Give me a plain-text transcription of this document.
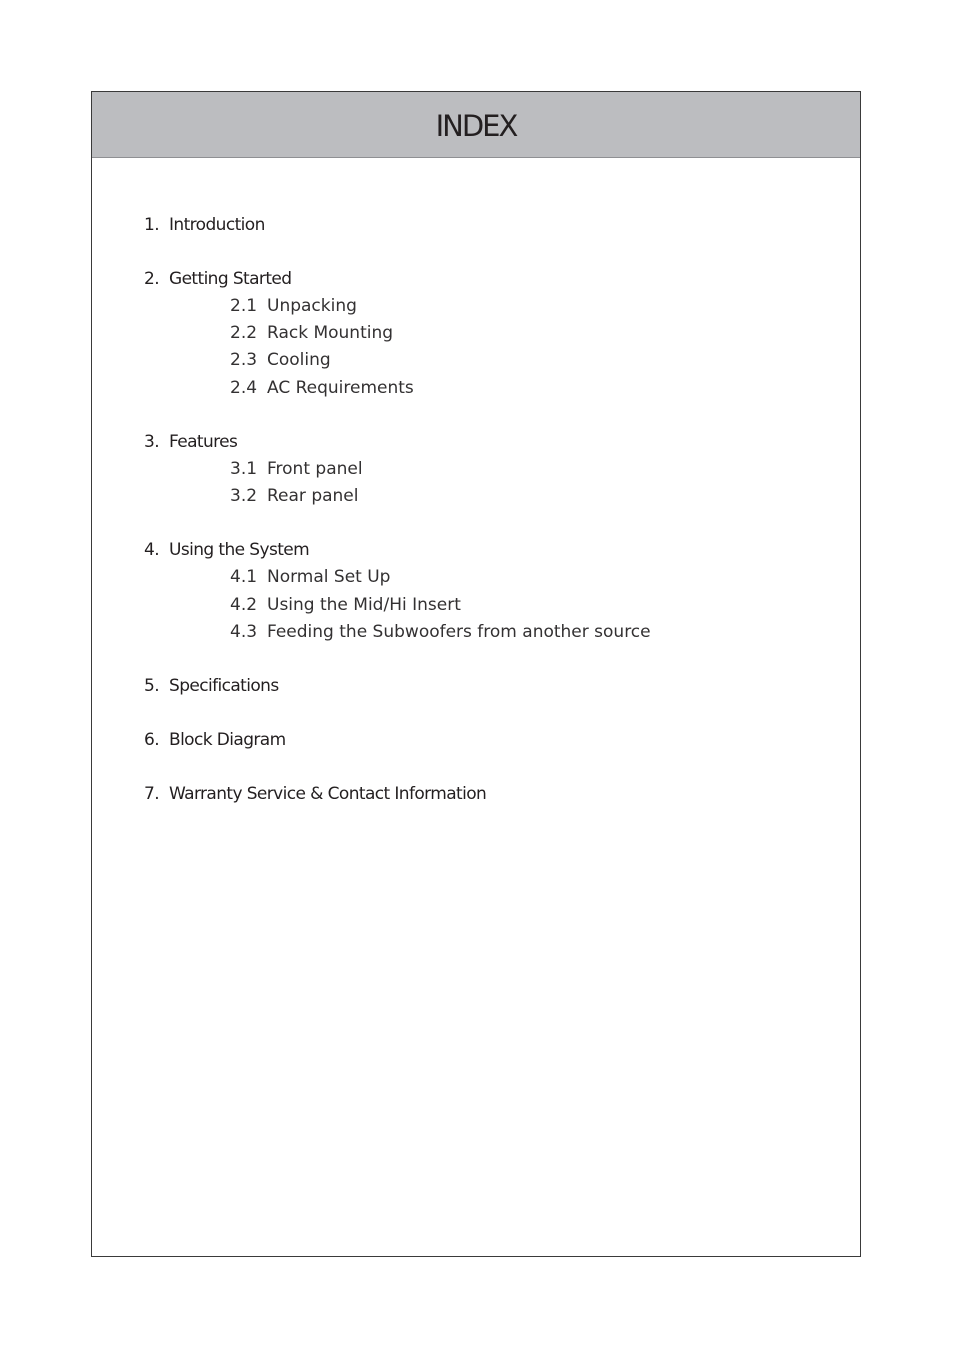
INDEX
1. Introduction
2. Getting Started
2.1 Unpacking
2.2 Rack Mounting
2.3 Cooling
2.4 AC Requirements
3. Features
3.1 Front panel
3.2 Rear panel
4. Using the System
4.1 Normal Set Up
4.2 Using the Mid/Hi Insert
4.3 Feeding the Subwoofers from another source
5. Specifications
6. Block Diagram
7. Warranty Service & Contact Information
